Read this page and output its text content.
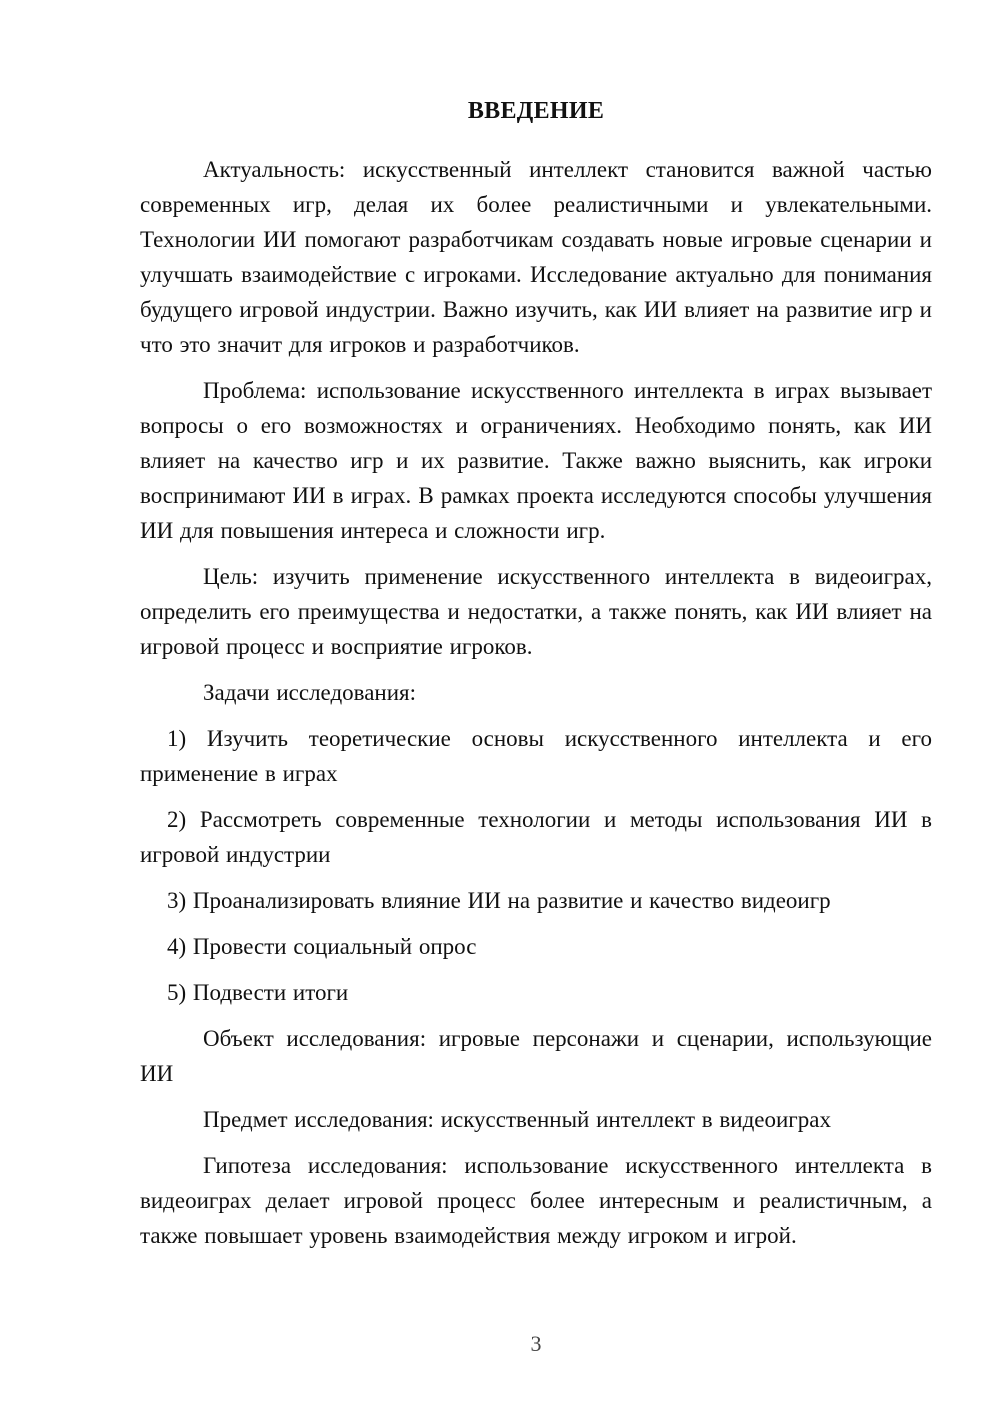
ВВЕДЕНИЕ

Актуальность: искусственный интеллект становится важной частью современных игр, делая их более реалистичными и увлекательными. Технологии ИИ помогают разработчикам создавать новые игровые сценарии и улучшать взаимодействие с игроками. Исследование актуально для понимания будущего игровой индустрии. Важно изучить, как ИИ влияет на развитие игр и что это значит для игроков и разработчиков.

Проблема: использование искусственного интеллекта в играх вызывает вопросы о его возможностях и ограничениях. Необходимо понять, как ИИ влияет на качество игр и их развитие. Также важно выяснить, как игроки воспринимают ИИ в играх. В рамках проекта исследуются способы улучшения ИИ для повышения интереса и сложности игр.

Цель: изучить применение искусственного интеллекта в видеоиграх, определить его преимущества и недостатки, а также понять, как ИИ влияет на игровой процесс и восприятие игроков.

Задачи исследования:

1) Изучить теоретические основы искусственного интеллекта и его применение в играх

2) Рассмотреть современные технологии и методы использования ИИ в игровой индустрии

3) Проанализировать влияние ИИ на развитие и качество видеоигр

4) Провести социальный опрос

5) Подвести итоги

Объект исследования: игровые персонажи и сценарии, использующие ИИ

Предмет исследования: искусственный интеллект в видеоиграх

Гипотеза исследования: использование искусственного интеллекта в видеоиграх делает игровой процесс более интересным и реалистичным, а также повышает уровень взаимодействия между игроком и игрой.

3
